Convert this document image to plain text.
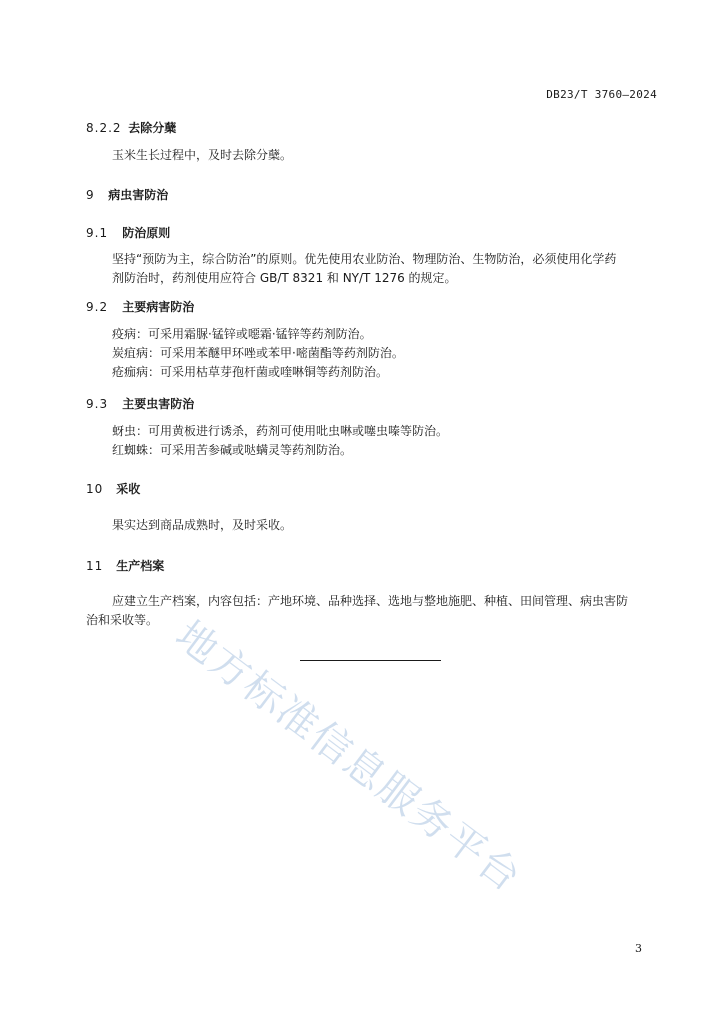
DB23/T 3760—2024
8.2.2 去除分蘖
玉米生长过程中，及时去除分蘖。
9 病虫害防治
9.1 防治原则
坚持“预防为主，综合防治”的原则。优先使用农业防治、物理防治、生物防治，必须使用化学药
剂防治时，药剂使用应符合 GB/T 8321 和 NY/T 1276 的规定。
9.2 主要病害防治
疫病：可采用霜脲·锰锌或噁霜·锰锌等药剂防治。
炭疽病：可采用苯醚甲环唑或苯甲·嘧菌酯等药剂防治。
疮痂病：可采用枯草芽孢杆菌或喹啉铜等药剂防治。
9.3 主要虫害防治
蚜虫：可用黄板进行诱杀，药剂可使用吡虫啉或噻虫嗪等防治。
红蜘蛛：可采用苦参碱或哒螨灵等药剂防治。
10 采收
果实达到商品成熟时，及时采收。
11 生产档案
应建立生产档案，内容包括：产地环境、品种选择、选地与整地施肥、种植、田间管理、病虫害防
治和采收等。 地方标准信息服务平台
3
